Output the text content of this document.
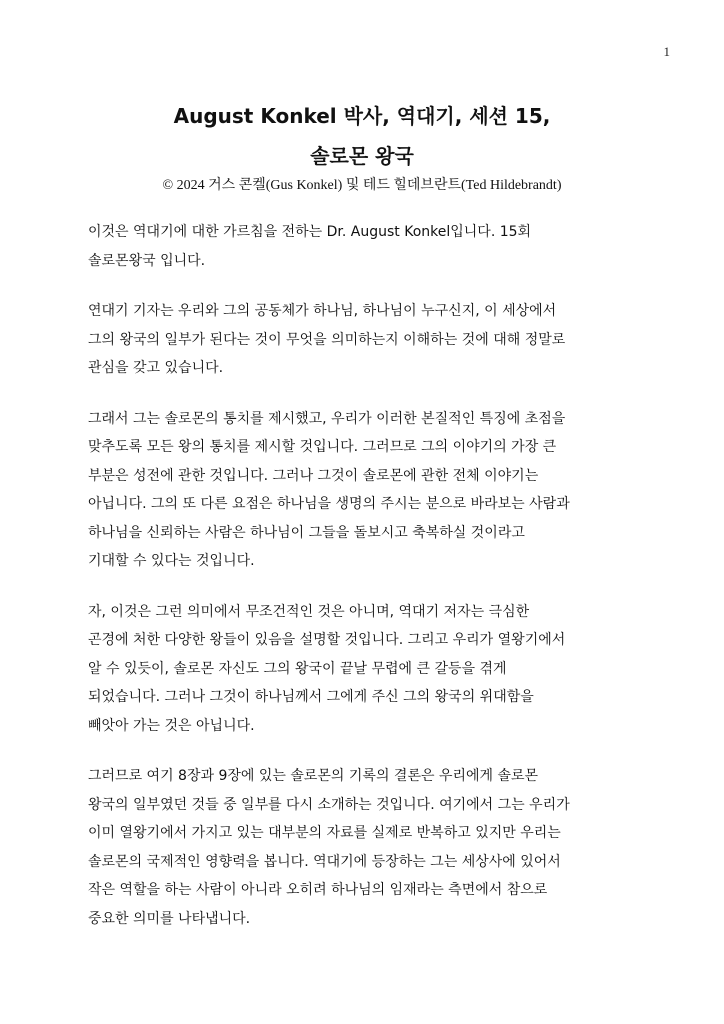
1
August Konkel 박사, 역대기, 세션 15,
솔로몬 왕국
© 2024 거스 콘켈(Gus Konkel) 및 테드 힐데브란트(Ted Hildebrandt)

이것은 역대기에 대한 가르침을 전하는 Dr. August Konkel입니다. 15회
솔로몬왕국 입니다.

연대기 기자는 우리와 그의 공동체가 하나님, 하나님이 누구신지, 이 세상에서
그의 왕국의 일부가 된다는 것이 무엇을 의미하는지 이해하는 것에 대해 정말로
관심을 갖고 있습니다.

그래서 그는 솔로몬의 통치를 제시했고, 우리가 이러한 본질적인 특징에 초점을
맞추도록 모든 왕의 통치를 제시할 것입니다. 그러므로 그의 이야기의 가장 큰
부분은 성전에 관한 것입니다. 그러나 그것이 솔로몬에 관한 전체 이야기는
아닙니다. 그의 또 다른 요점은 하나님을 생명의 주시는 분으로 바라보는 사람과
하나님을 신뢰하는 사람은 하나님이 그들을 돌보시고 축복하실 것이라고
기대할 수 있다는 것입니다.

자, 이것은 그런 의미에서 무조건적인 것은 아니며, 역대기 저자는 극심한
곤경에 처한 다양한 왕들이 있음을 설명할 것입니다. 그리고 우리가 열왕기에서
알 수 있듯이, 솔로몬 자신도 그의 왕국이 끝날 무렵에 큰 갈등을 겪게
되었습니다. 그러나 그것이 하나님께서 그에게 주신 그의 왕국의 위대함을
빼앗아 가는 것은 아닙니다.

그러므로 여기 8장과 9장에 있는 솔로몬의 기록의 결론은 우리에게 솔로몬
왕국의 일부였던 것들 중 일부를 다시 소개하는 것입니다. 여기에서 그는 우리가
이미 열왕기에서 가지고 있는 대부분의 자료를 실제로 반복하고 있지만 우리는
솔로몬의 국제적인 영향력을 봅니다. 역대기에 등장하는 그는 세상사에 있어서
작은 역할을 하는 사람이 아니라 오히려 하나님의 임재라는 측면에서 참으로
중요한 의미를 나타냅니다.
